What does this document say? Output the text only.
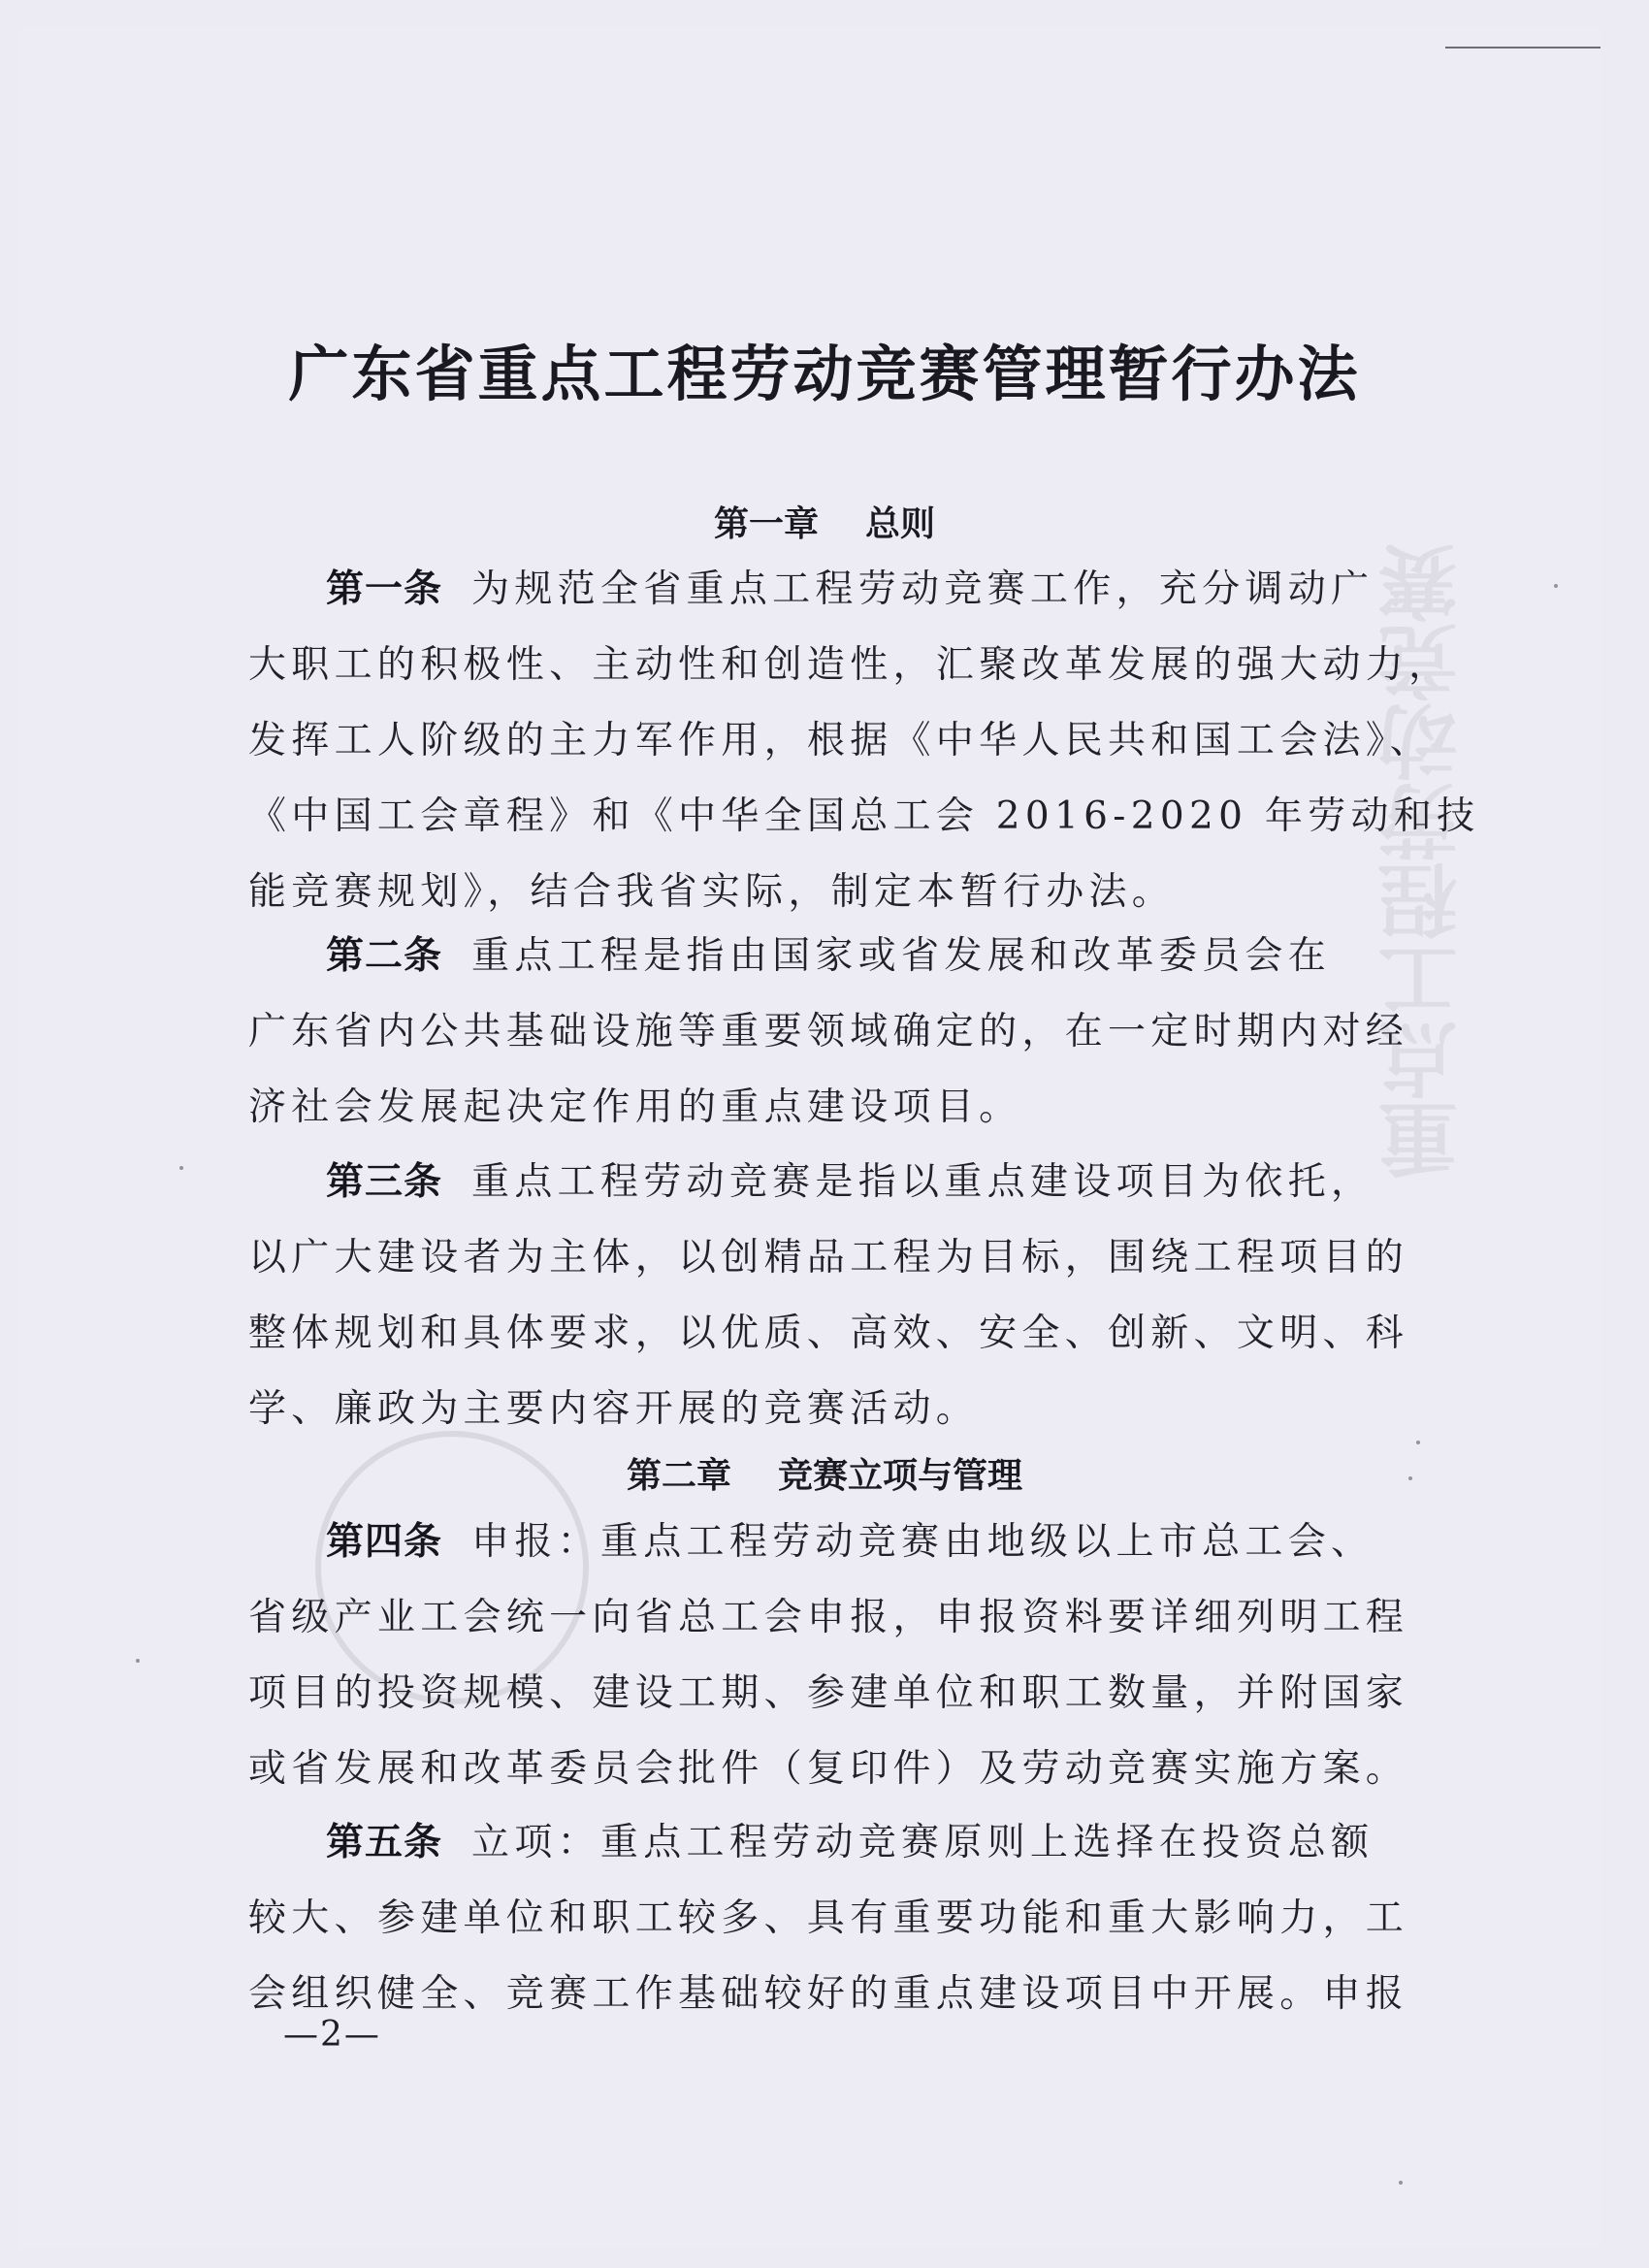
重点工程劳动竞赛
广东省重点工程劳动竞赛管理暂行办法
第一章 总则
第一条 为规范全省重点工程劳动竞赛工作，充分调动广
大职工的积极性、主动性和创造性，汇聚改革发展的强大动力，
发挥工人阶级的主力军作用，根据《中华人民共和国工会法》、
《中国工会章程》和《中华全国总工会 2016-2020 年劳动和技
能竞赛规划》，结合我省实际，制定本暂行办法。
第二条 重点工程是指由国家或省发展和改革委员会在
广东省内公共基础设施等重要领域确定的，在一定时期内对经
济社会发展起决定作用的重点建设项目。
第三条 重点工程劳动竞赛是指以重点建设项目为依托，
以广大建设者为主体，以创精品工程为目标，围绕工程项目的
整体规划和具体要求，以优质、高效、安全、创新、文明、科
学、廉政为主要内容开展的竞赛活动。
第二章 竞赛立项与管理
第四条 申报：重点工程劳动竞赛由地级以上市总工会、
省级产业工会统一向省总工会申报，申报资料要详细列明工程
项目的投资规模、建设工期、参建单位和职工数量，并附国家
或省发展和改革委员会批件（复印件）及劳动竞赛实施方案。
第五条 立项：重点工程劳动竞赛原则上选择在投资总额
较大、参建单位和职工较多、具有重要功能和重大影响力，工
会组织健全、竞赛工作基础较好的重点建设项目中开展。申报
—2—
